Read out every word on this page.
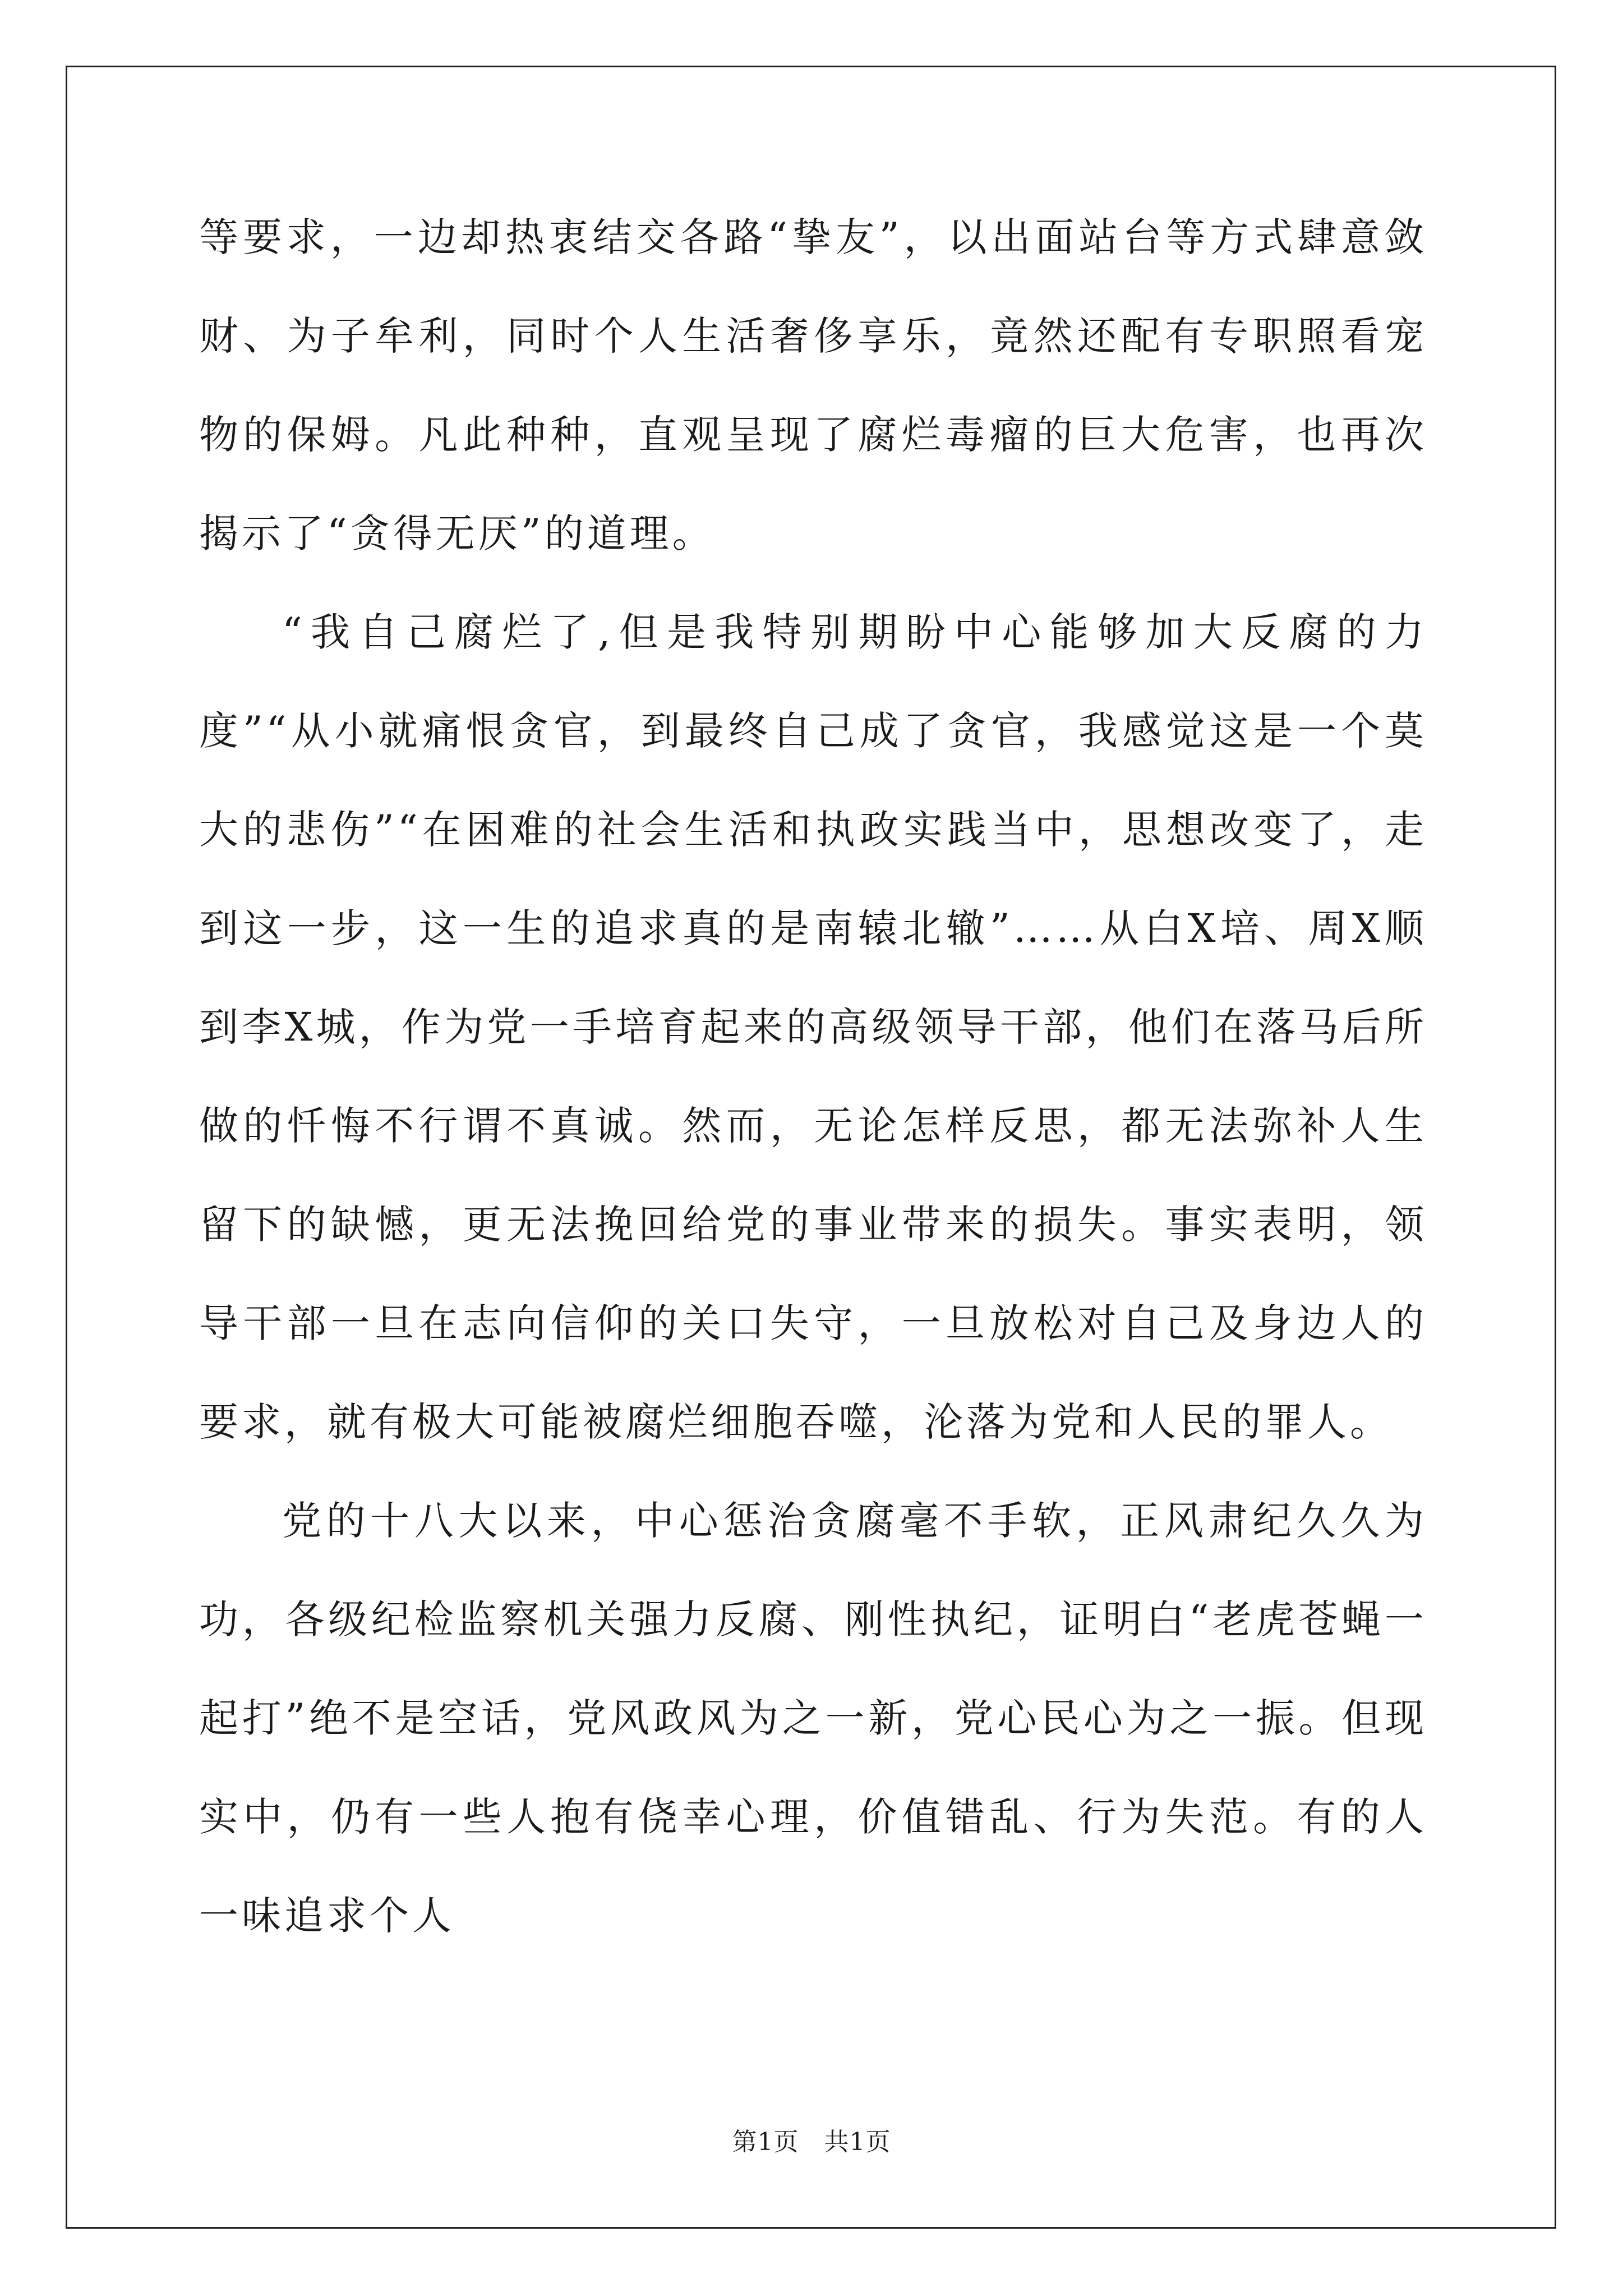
等要求，一边却热衷结交各路“挚友”，以出面站台等方式肆意敛财、为子牟利，同时个人生活奢侈享乐，竟然还配有专职照看宠物的保姆。凡此种种，直观呈现了腐烂毒瘤的巨大危害，也再次揭示了“贪得无厌”的道理。

“我自己腐烂了,但是我特别期盼中心能够加大反腐的力度”“从小就痛恨贪官，到最终自己成了贪官，我感觉这是一个莫大的悲伤”“在困难的社会生活和执政实践当中，思想改变了，走到这一步，这一生的追求真的是南辕北辙”……从白X培、周X顺到李X城，作为党一手培育起来的高级领导干部，他们在落马后所做的忏悔不行谓不真诚。然而，无论怎样反思，都无法弥补人生留下的缺憾，更无法挽回给党的事业带来的损失。事实表明，领导干部一旦在志向信仰的关口失守，一旦放松对自己及身边人的要求，就有极大可能被腐烂细胞吞噬，沦落为党和人民的罪人。

党的十八大以来，中心惩治贪腐毫不手软，正风肃纪久久为功，各级纪检监察机关强力反腐、刚性执纪，证明白“老虎苍蝇一起打”绝不是空话，党风政风为之一新，党心民心为之一振。但现实中，仍有一些人抱有侥幸心理，价值错乱、行为失范。有的人一味追求个人

第1页　共1页
